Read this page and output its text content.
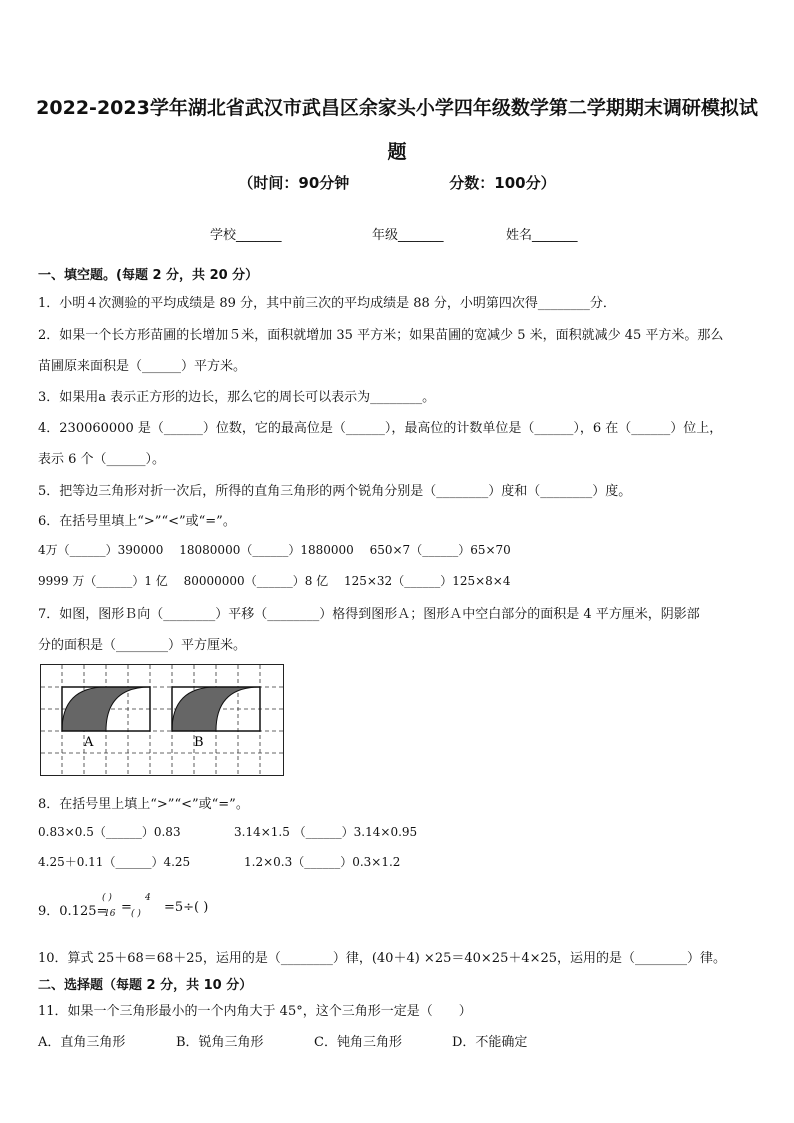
2022-2023学年湖北省武汉市武昌区余家头小学四年级数学第二学期期末调研模拟试题
（时间：90分钟	分数：100分）
学校_______	年级_______	姓名_______
一、填空题。(每题 2 分，共 20 分）
1．小明４次测验的平均成绩是 89 分，其中前三次的平均成绩是 88 分，小明第四次得________分．
2．如果一个长方形苗圃的长增加５米，面积就增加 35 平方米；如果苗圃的宽减少 5 米，面积就减少 45 平方米。那么
苗圃原来面积是（______）平方米。
3．如果用a 表示正方形的边长，那么它的周长可以表示为________。
4．230060000 是（______）位数，它的最高位是（______），最高位的计数单位是（______），6 在（______）位上，
表示 6 个（______）。
5．把等边三角形对折一次后，所得的直角三角形的两个锐角分别是（________）度和（________）度。
6．在括号里填上“>”“<”或“=”。
4万（______）390000　 18080000（______）1880000　 650×7（______）65×70
9999 万（______）1 亿　 80000000（______）8 亿　 125×32（______）125×8×4
7．如图，图形Ｂ向（________）平移（________）格得到图形Ａ；图形Ａ中空白部分的面积是 4 平方厘米，阴影部
分的面积是（________）平方厘米。
A	B
8．在括号里上填上“>”“<”或“=”。
0.83×0.5（______）0.83	3.14×1.5 （______）3.14×0.95
4.25＋0.11（______）4.25	1.2×0.3（______）0.3×1.2
9．0.125=
( )
16 =
4
( ) =5÷( )
10．算式 25＋68＝68＋25，运用的是（________）律，(40＋4) ×25＝40×25＋4×25，运用的是（________）律。
二、选择题（每题 2 分，共 10 分）
11．如果一个三角形最小的一个内角大于 45°，这个三角形一定是（　　）
A．直角三角形	B．锐角三角形	C．钝角三角形	D．不能确定
